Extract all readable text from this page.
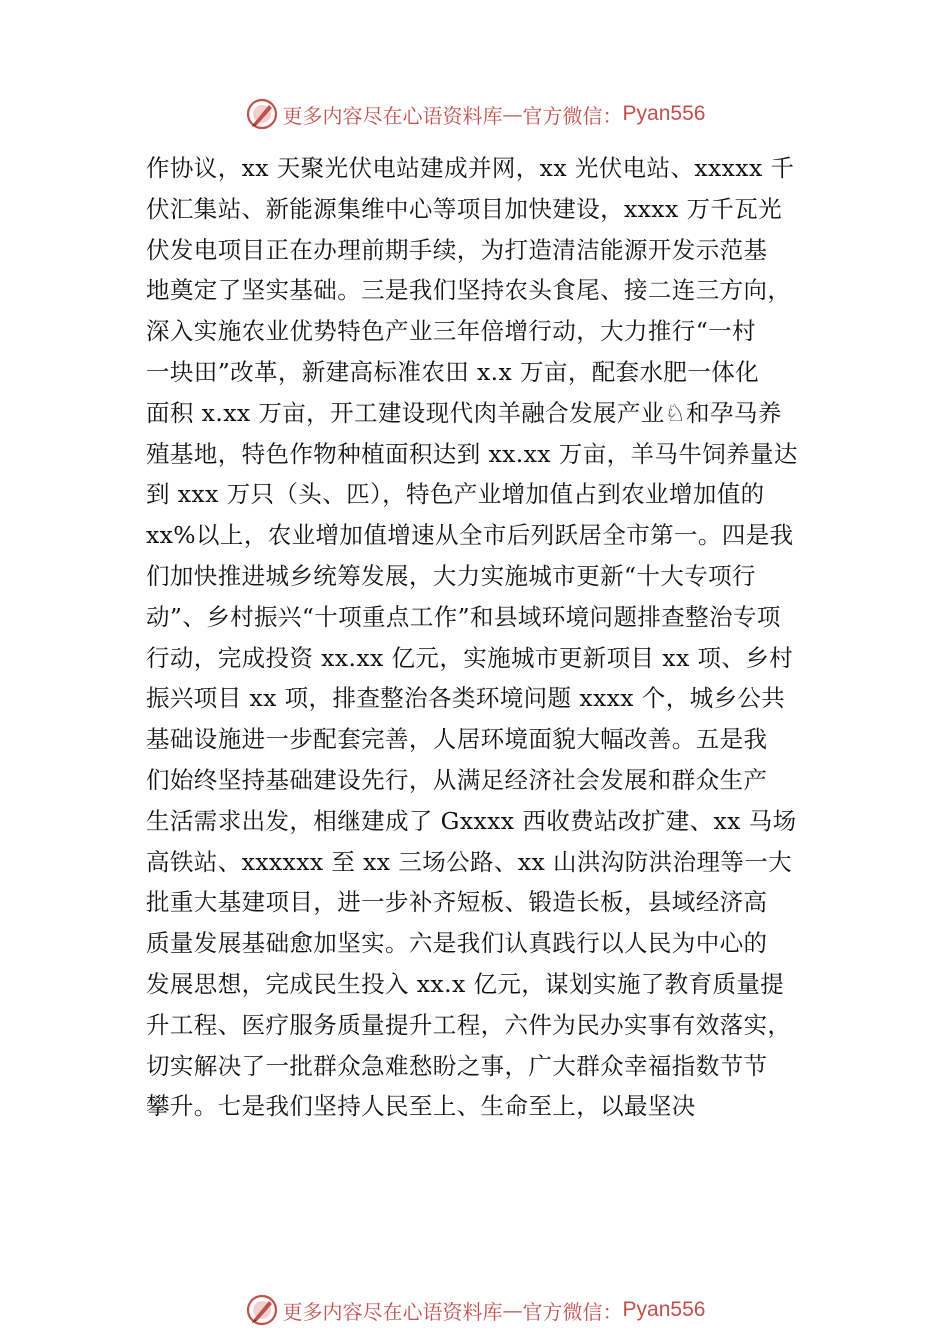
更多内容尽在心语资料库 — 官方微信： Pyan556
作协议，xx 天聚光伏电站建成并网，xx 光伏电站、xxxxx 千
伏汇集站、新能源集维中心等项目加快建设，xxxx 万千瓦光
伏发电项目正在办理前期手续，为打造清洁能源开发示范基
地奠定了坚实基础。三是我们坚持农头食尾、接二连三方向，
深入实施农业优势特色产业三年倍增行动，大力推行“一村
一块田”改革，新建高标准农田 x.x 万亩，配套水肥一体化
面积 x.xx 万亩，开工建设现代肉羊融合发展产业♘和孕马养
殖基地，特色作物种植面积达到 xx.xx 万亩，羊马牛饲养量达
到 xxx 万只（头、匹），特色产业增加值占到农业增加值的
xx%以上，农业增加值增速从全市后列跃居全市第一。四是我
们加快推进城乡统筹发展，大力实施城市更新“十大专项行
动”、乡村振兴“十项重点工作”和县域环境问题排查整治专项
行动，完成投资 xx.xx 亿元，实施城市更新项目 xx 项、乡村
振兴项目 xx 项，排查整治各类环境问题 xxxx 个，城乡公共
基础设施进一步配套完善，人居环境面貌大幅改善。五是我
们始终坚持基础建设先行，从满足经济社会发展和群众生产
生活需求出发，相继建成了 Gxxxx 西收费站改扩建、xx 马场
高铁站、xxxxxx 至 xx 三场公路、xx 山洪沟防洪治理等一大
批重大基建项目，进一步补齐短板、锻造长板，县域经济高
质量发展基础愈加坚实。六是我们认真践行以人民为中心的
发展思想，完成民生投入 xx.x 亿元，谋划实施了教育质量提
升工程、医疗服务质量提升工程，六件为民办实事有效落实，
切实解决了一批群众急难愁盼之事，广大群众幸福指数节节
攀升。七是我们坚持人民至上、生命至上，以最坚决
更多内容尽在心语资料库 — 官方微信： Pyan556
